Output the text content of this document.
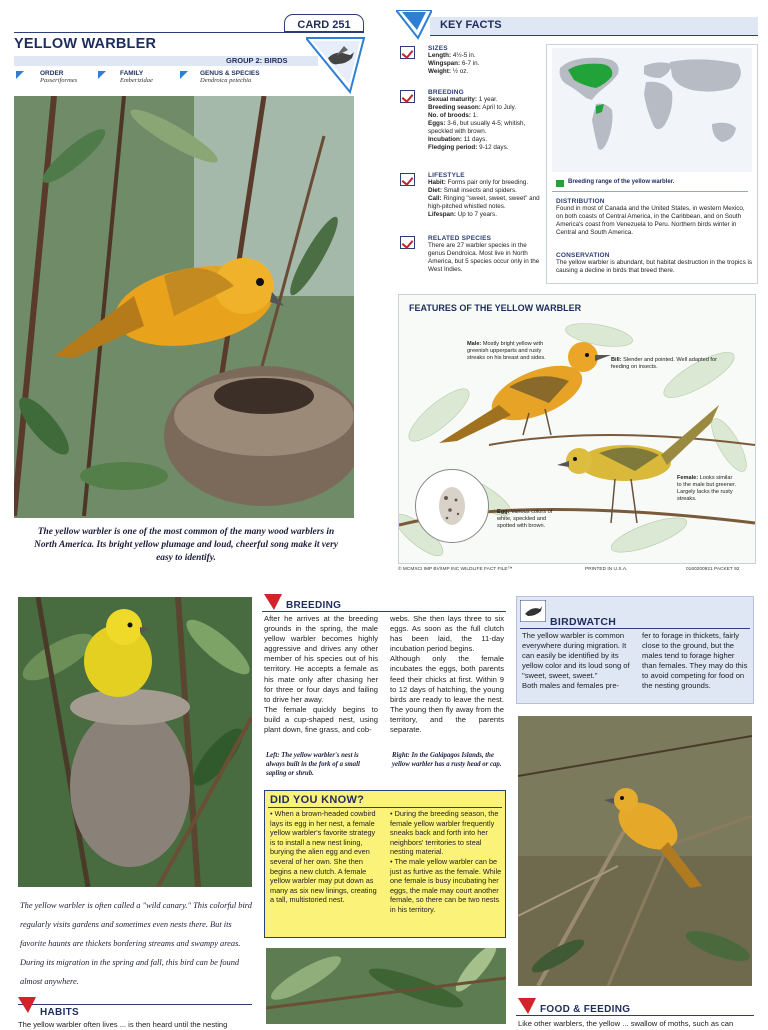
CARD 251
YELLOW WARBLER
GROUP 2: BIRDS
ORDER
Passeriformes
FAMILY
Emberizidae
GENUS & SPECIES
Dendroica petechia
The yellow warbler is one of the most common of the many wood warblers in North America. Its bright yellow plumage and loud, cheerful song make it very easy to identify.
KEY FACTS
SIZES
Length: 4½-5 in.
Wingspan: 6-7 in.
Weight: ½ oz.
BREEDING
Sexual maturity: 1 year.
Breeding season: April to July.
No. of broods: 1.
Eggs: 3-6, but usually 4-5; whitish, speckled with brown.
Incubation: 11 days.
Fledging period: 9-12 days.
LIFESTYLE
Habit: Forms pair only for breeding.
Diet: Small insects and spiders.
Call: Ringing "sweet, sweet, sweet" and high-pitched whistled notes.
Lifespan: Up to 7 years.
RELATED SPECIES
There are 27 warbler species in the genus Dendroica. Most live in North America, but 5 species occur only in the West Indies.
Breeding range of the yellow warbler.
DISTRIBUTION
Found in most of Canada and the United States, in western Mexico, on both coasts of Central America, in the Caribbean, and on South America's coast from Venezuela to Peru. Northern birds winter in Central and South America.
CONSERVATION
The yellow warbler is abundant, but habitat destruction in the tropics is causing a decline in birds that breed there.
FEATURES OF THE YELLOW WARBLER
Male: Mostly bright yellow with greenish upperparts and rusty streaks on his breast and sides.	Bill: Slender and pointed. Well adapted for feeding on insects.
Female: Looks similar to the male but greener. Largely lacks the rusty streaks.
Egg: Various colors of white, speckled and spotted with brown.
© MCMXCI IMP BV/IMP INC WILDLIFE FACT FILE™	PRINTED IN U.S.A.	0160200921 PACKET 92
The yellow warbler is often called a "wild canary." This colorful bird regularly visits gardens and sometimes even nests there. But its favorite haunts are thickets bordering streams and swampy areas. During its migration in the spring and fall, this bird can be found almost anywhere.
HABITS
The yellow warbler often lives ... is then heard until the nesting
BREEDING
After he arrives at the breeding grounds in the spring, the male yellow warbler becomes highly aggressive and drives any other member of his species out of his territory. He accepts a female as his mate only after chasing her for three or four days and failing to drive her away.
The female quickly begins to build a cup-shaped nest, using plant down, fine grass, and cob-
webs. She then lays three to six eggs. As soon as the full clutch has been laid, the 11-day incubation period begins.
Although only the female incubates the eggs, both parents feed their chicks at first. Within 9 to 12 days of hatching, the young birds are ready to leave the nest. The young then fly away from the territory, and the parents separate.
Left: The yellow warbler's nest is always built in the fork of a small sapling or shrub.
Right: In the Galápagos Islands, the yellow warbler has a rusty head or cap.
DID YOU KNOW?
• When a brown-headed cowbird lays its egg in her nest, a female yellow warbler's favorite strategy is to install a new nest lining, burying the alien egg and even several of her own. She then begins a new clutch. A female yellow warbler may put down as many as six new linings, creating a tall, multistoried nest.
• During the breeding season, the female yellow warbler frequently sneaks back and forth into her neighbors' territories to steal nesting material.
• The male yellow warbler can be just as furtive as the female. While one female is busy incubating her eggs, the male may court another female, so there can be two nests in his territory.
BIRDWATCH
The yellow warbler is common everywhere during migration. It can easily be identified by its yellow color and its loud song of "sweet, sweet, sweet."
Both males and females pre-
fer to forage in thickets, fairly close to the ground, but the males tend to forage higher than females. They may do this to avoid competing for food on the nesting grounds.
FOOD & FEEDING
Like other warblers, the yellow ... swallow of moths, such as can
